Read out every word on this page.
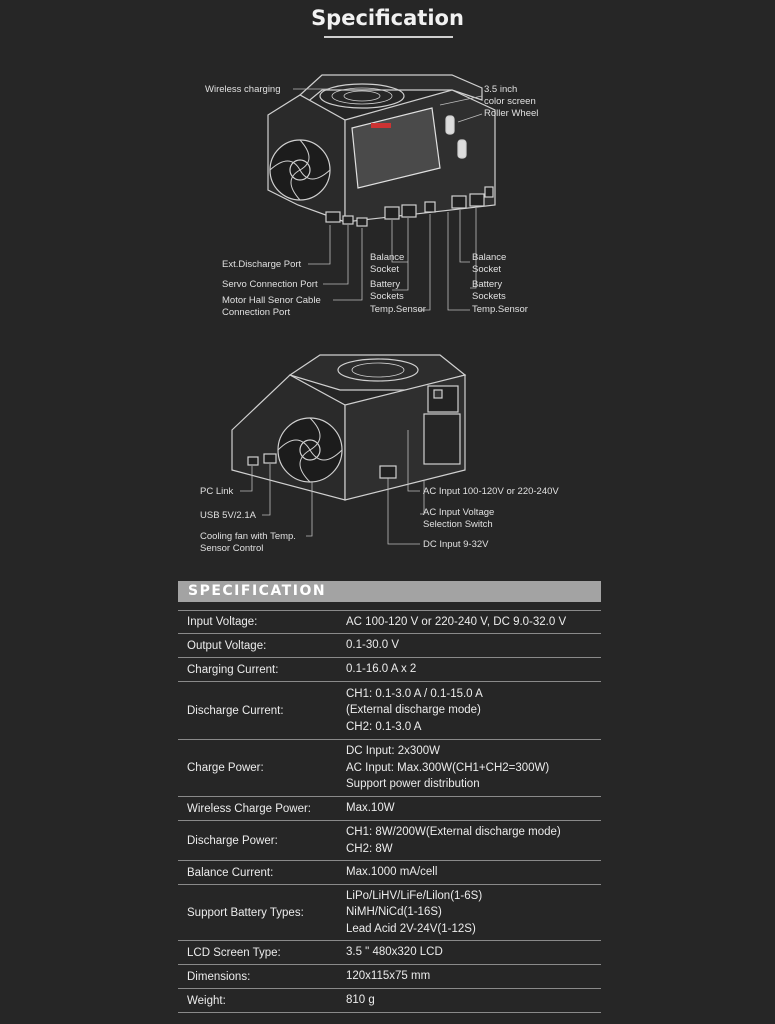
Specification
Wireless charging	3.5 inch
color screen
Roller Wheel
Ext.Discharge Port
Servo Connection Port
Motor Hall Senor Cable
Connection Port
Balance
Socket
Battery
Sockets
Temp.Sensor
Balance
Socket
Battery
Sockets
Temp.Sensor
PC Link
USB 5V/2.1A
Cooling fan with Temp.
Sensor Control
AC Input 100-120V or 220-240V
AC Input Voltage
Selection Switch
DC Input 9-32V
SPECIFICATION
Input Voltage:	AC 100-120 V or 220-240 V, DC 9.0-32.0 V
Output Voltage:	0.1-30.0 V
Charging Current:	0.1-16.0 A x 2
Discharge Current:
CH1: 0.1-3.0 A / 0.1-15.0 A
(External discharge mode)
CH2: 0.1-3.0 A
Charge Power:
DC Input: 2x300W
AC Input: Max.300W(CH1+CH2=300W)
Support power distribution
Wireless Charge Power:	Max.10W
Discharge Power:
CH1: 8W/200W(External discharge mode)
CH2: 8W
Balance Current:	Max.1000 mA/cell
Support Battery Types:
LiPo/LiHV/LiFe/Lilon(1-6S)
NiMH/NiCd(1-16S)
Lead Acid 2V-24V(1-12S)
LCD Screen Type:	3.5 " 480x320 LCD
Dimensions:	120x115x75 mm
Weight:	810 g
